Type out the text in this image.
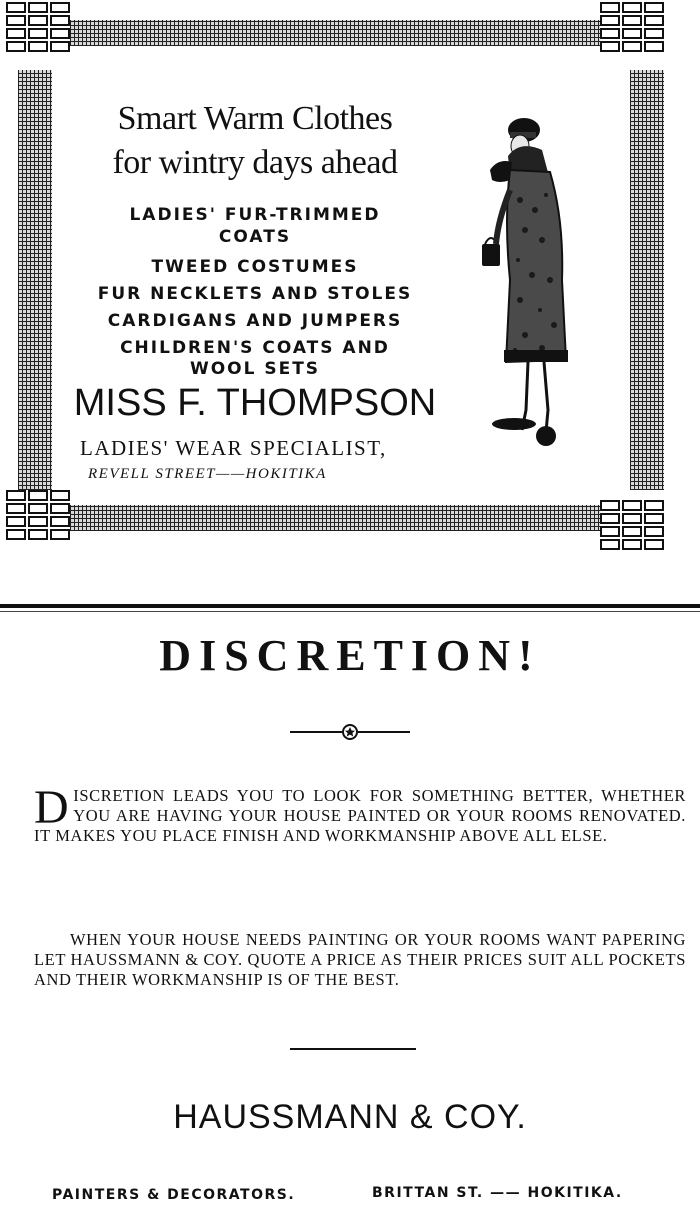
Smart Warm Clothes
for wintry days ahead
LADIES' FUR-TRIMMED
COATS
TWEED COSTUMES
FUR NECKLETS AND STOLES
CARDIGANS AND JUMPERS
CHILDREN'S COATS AND
WOOL SETS
MISS F. THOMPSON
LADIES' WEAR SPECIALIST,
REVELL STREET——HOKITIKA
DISCRETION!
DISCRETION LEADS YOU TO LOOK FOR SOMETHING BETTER, WHETHER YOU ARE HAVING YOUR HOUSE PAINTED OR YOUR ROOMS RENOVATED. IT MAKES YOU PLACE FINISH AND WORKMANSHIP ABOVE ALL ELSE.
WHEN YOUR HOUSE NEEDS PAINTING OR YOUR ROOMS WANT PAPERING LET HAUSSMANN & COY. QUOTE A PRICE AS THEIR PRICES SUIT ALL POCKETS AND THEIR WORKMANSHIP IS OF THE BEST.
HAUSSMANN & COY.
PAINTERS & DECORATORS.	BRITTAN ST. —— HOKITIKA.
